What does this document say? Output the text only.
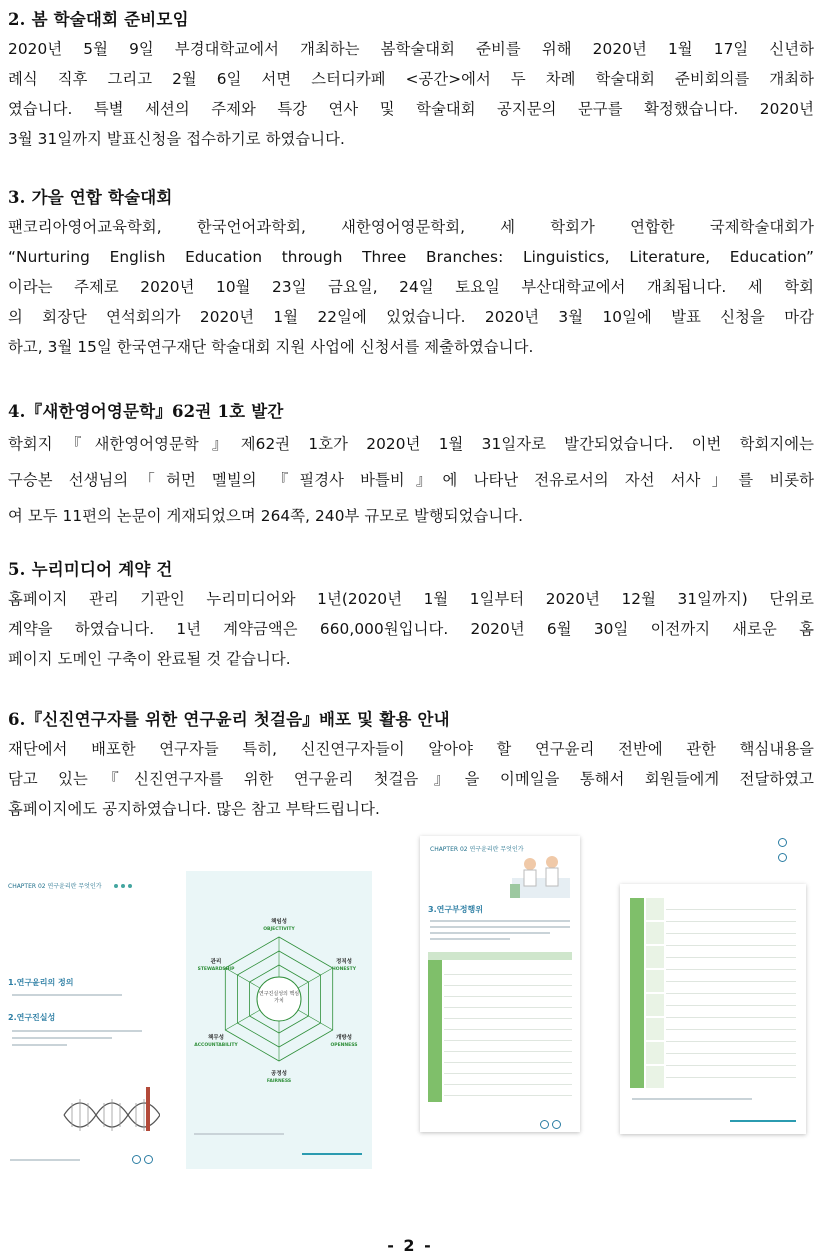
2. 봄 학술대회 준비모임

2020년 5월 9일 부경대학교에서 개최하는 봄학술대회 준비를 위해 2020년 1월 17일 신년하
례식 직후 그리고 2월 6일 서면 스터디카페 <공간>에서 두 차례 학술대회 준비회의를 개최하
였습니다. 특별 세션의 주제와 특강 연사 및 학술대회 공지문의 문구를 확정했습니다. 2020년
3월 31일까지 발표신청을 접수하기로 하였습니다.

3. 가을 연합 학술대회

팬코리아영어교육학회, 한국언어과학회, 새한영어영문학회, 세 학회가 연합한 국제학술대회가
“Nurturing English Education through Three Branches: Linguistics, Literature, Education”
이라는 주제로 2020년 10월 23일 금요일, 24일 토요일 부산대학교에서 개최됩니다. 세 학회
의 회장단 연석회의가 2020년 1월 22일에 있었습니다. 2020년 3월 10일에 발표 신청을 마감
하고, 3월 15일 한국연구재단 학술대회 지원 사업에 신청서를 제출하였습니다.

4.『새한영어영문학』62권 1호 발간

학회지『새한영어영문학』제62권 1호가 2020년 1월 31일자로 발간되었습니다. 이번 학회지에는
구승본 선생님의「허먼 멜빌의 『필경사 바틀비』에 나타난 전유로서의 자선 서사」를 비롯하
여 모두 11편의 논문이 게재되었으며 264쪽, 240부 규모로 발행되었습니다.

5. 누리미디어 계약 건

홈페이지 관리 기관인 누리미디어와 1년(2020년 1월 1일부터 2020년 12월 31일까지) 단위로
계약을 하였습니다. 1년 계약금액은 660,000원입니다. 2020년 6월 30일 이전까지 새로운 홈
페이지 도메인 구축이 완료될 것 같습니다.

6.『신진연구자를 위한 연구윤리 첫걸음』배포 및 활용 안내

재단에서 배포한 연구자들 특히, 신진연구자들이 알아야 할 연구윤리 전반에 관한 핵심내용을
담고 있는『신진연구자를 위한 연구윤리 첫걸음』을 이메일을 통해서 회원들에게 전달하였고
홈페이지에도 공지하였습니다. 많은 참고 부탁드립니다.

CHAPTER 02 연구윤리란 무엇인가
1.연구윤리의 정의
2.연구진실성
책임성
OBJECTIVITY
정직성
HONESTY
개방성
OPENNESS
공정성
FAIRNESS
책무성
ACCOUNTABILITY
관리
STEWARDSHIP
연구진실성의 핵심 가치
CHAPTER 02 연구윤리란 무엇인가
3.연구부정행위
- 2 -
